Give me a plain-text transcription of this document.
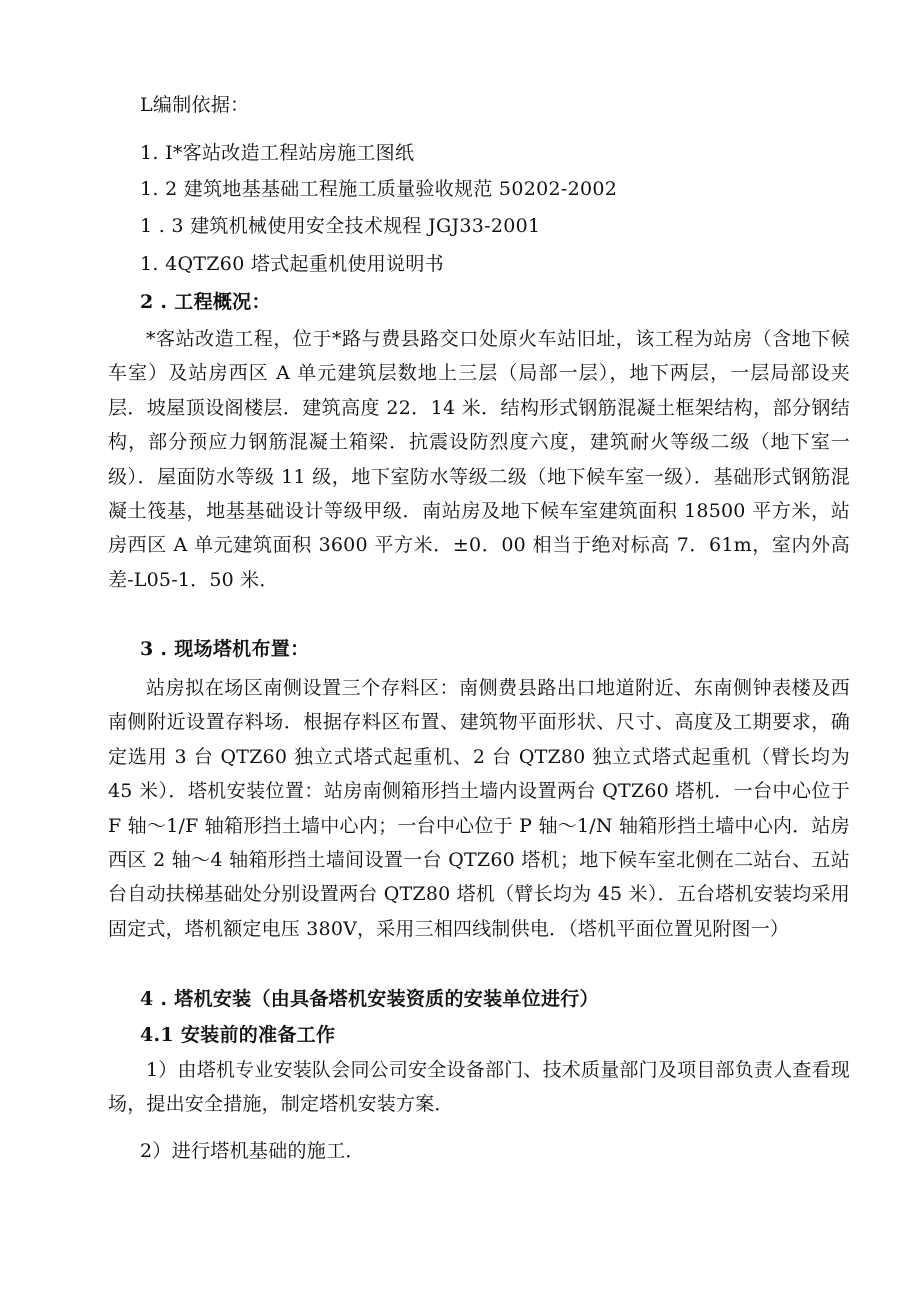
L编制依据：
1. I*客站改造工程站房施工图纸
1. 2 建筑地基基础工程施工质量验收规范 50202-2002
1 . 3 建筑机械使用安全技术规程 JGJ33-2001
1. 4QTZ60 塔式起重机使用说明书
2 . 工程概况：
*客站改造工程，位于*路与费县路交口处原火车站旧址，该工程为站房（含地下候车室）及站房西区 A 单元建筑层数地上三层（局部一层），地下两层，一层局部设夹层．坡屋顶设阁楼层．建筑高度 22．14 米．结构形式钢筋混凝土框架结构，部分钢结构，部分预应力钢筋混凝土箱梁．抗震设防烈度六度，建筑耐火等级二级（地下室一级）．屋面防水等级 11 级，地下室防水等级二级（地下候车室一级）．基础形式钢筋混凝土筏基，地基基础设计等级甲级．南站房及地下候车室建筑面积 18500 平方米，站房西区 A 单元建筑面积 3600 平方米．±0．00 相当于绝对标高 7．61m，室内外高差-L05-1．50 米．
3 . 现场塔机布置：
站房拟在场区南侧设置三个存料区：南侧费县路出口地道附近、东南侧钟表楼及西南侧附近设置存料场．根据存料区布置、建筑物平面形状、尺寸、高度及工期要求，确定选用 3 台 QTZ60 独立式塔式起重机、2 台 QTZ80 独立式塔式起重机（臂长均为 45 米）．塔机安装位置：站房南侧箱形挡土墙内设置两台 QTZ60 塔机．一台中心位于 F 轴～1/F 轴箱形挡土墙中心内；一台中心位于 P 轴～1/N 轴箱形挡土墙中心内．站房西区 2 轴～4 轴箱形挡土墙间设置一台 QTZ60 塔机；地下候车室北侧在二站台、五站台自动扶梯基础处分别设置两台 QTZ80 塔机（臂长均为 45 米）．五台塔机安装均采用固定式，塔机额定电压 380V，采用三相四线制供电．（塔机平面位置见附图一）
4 . 塔机安装（由具备塔机安装资质的安装单位进行）
4.1 安装前的准备工作
1）由塔机专业安装队会同公司安全设备部门、技术质量部门及项目部负责人查看现场，提出安全措施，制定塔机安装方案．
2）进行塔机基础的施工．
